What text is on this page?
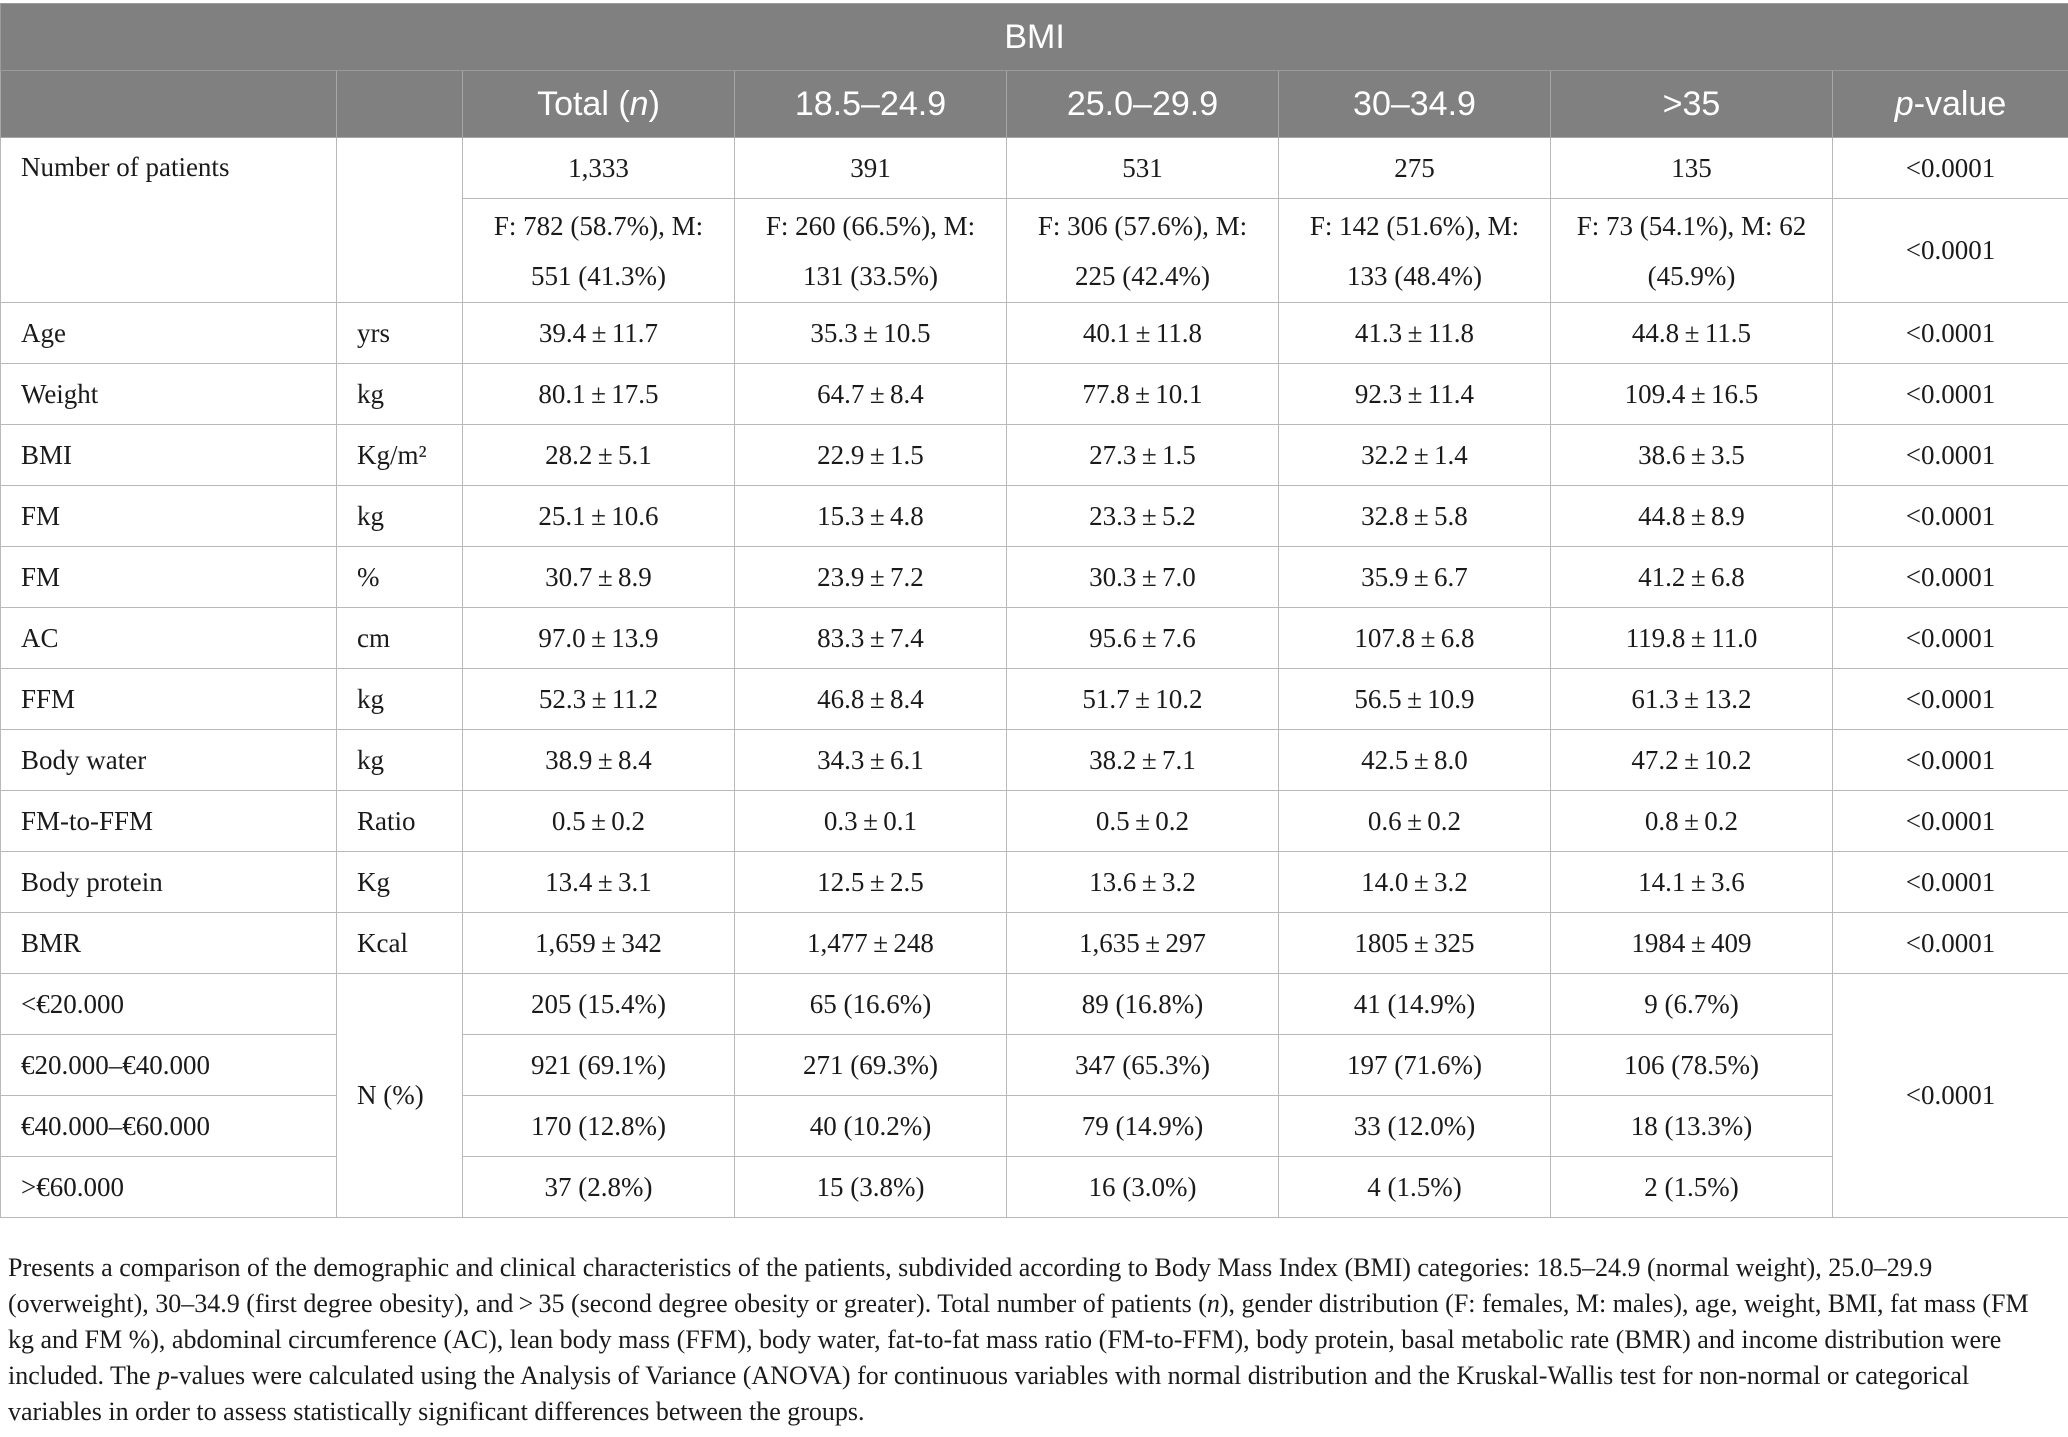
BMI							
		Total (n)	18.5–24.9	25.0–29.9	30–34.9	>35	p-value
Number of patients		1,333	391	531	275	135	<0.0001
		F: 782 (58.7%), M: 551 (41.3%)	F: 260 (66.5%), M: 131 (33.5%)	F: 306 (57.6%), M: 225 (42.4%)	F: 142 (51.6%), M: 133 (48.4%)	F: 73 (54.1%), M: 62 (45.9%)	<0.0001
Age	yrs	39.4 ± 11.7	35.3 ± 10.5	40.1 ± 11.8	41.3 ± 11.8	44.8 ± 11.5	<0.0001
Weight	kg	80.1 ± 17.5	64.7 ± 8.4	77.8 ± 10.1	92.3 ± 11.4	109.4 ± 16.5	<0.0001
BMI	Kg/m²	28.2 ± 5.1	22.9 ± 1.5	27.3 ± 1.5	32.2 ± 1.4	38.6 ± 3.5	<0.0001
FM	kg	25.1 ± 10.6	15.3 ± 4.8	23.3 ± 5.2	32.8 ± 5.8	44.8 ± 8.9	<0.0001
FM	%	30.7 ± 8.9	23.9 ± 7.2	30.3 ± 7.0	35.9 ± 6.7	41.2 ± 6.8	<0.0001
AC	cm	97.0 ± 13.9	83.3 ± 7.4	95.6 ± 7.6	107.8 ± 6.8	119.8 ± 11.0	<0.0001
FFM	kg	52.3 ± 11.2	46.8 ± 8.4	51.7 ± 10.2	56.5 ± 10.9	61.3 ± 13.2	<0.0001
Body water	kg	38.9 ± 8.4	34.3 ± 6.1	38.2 ± 7.1	42.5 ± 8.0	47.2 ± 10.2	<0.0001
FM-to-FFM	Ratio	0.5 ± 0.2	0.3 ± 0.1	0.5 ± 0.2	0.6 ± 0.2	0.8 ± 0.2	<0.0001
Body protein	Kg	13.4 ± 3.1	12.5 ± 2.5	13.6 ± 3.2	14.0 ± 3.2	14.1 ± 3.6	<0.0001
BMR	Kcal	1,659 ± 342	1,477 ± 248	1,635 ± 297	1805 ± 325	1984 ± 409	<0.0001
<€20.000	N (%)	205 (15.4%)	65 (16.6%)	89 (16.8%)	41 (14.9%)	9 (6.7%)	<0.0001
€20.000–€40.000		921 (69.1%)	271 (69.3%)	347 (65.3%)	197 (71.6%)	106 (78.5%)	
€40.000–€60.000		170 (12.8%)	40 (10.2%)	79 (14.9%)	33 (12.0%)	18 (13.3%)	
>€60.000		37 (2.8%)	15 (3.8%)	16 (3.0%)	4 (1.5%)	2 (1.5%)	
Presents a comparison of the demographic and clinical characteristics of the patients, subdivided according to Body Mass Index (BMI) categories: 18.5–24.9 (normal weight), 25.0–29.9 (overweight), 30–34.9 (first degree obesity), and > 35 (second degree obesity or greater). Total number of patients (n), gender distribution (F: females, M: males), age, weight, BMI, fat mass (FM kg and FM %), abdominal circumference (AC), lean body mass (FFM), body water, fat-to-fat mass ratio (FM-to-FFM), body protein, basal metabolic rate (BMR) and income distribution were included. The p-values were calculated using the Analysis of Variance (ANOVA) for continuous variables with normal distribution and the Kruskal-Wallis test for non-normal or categorical variables in order to assess statistically significant differences between the groups.
